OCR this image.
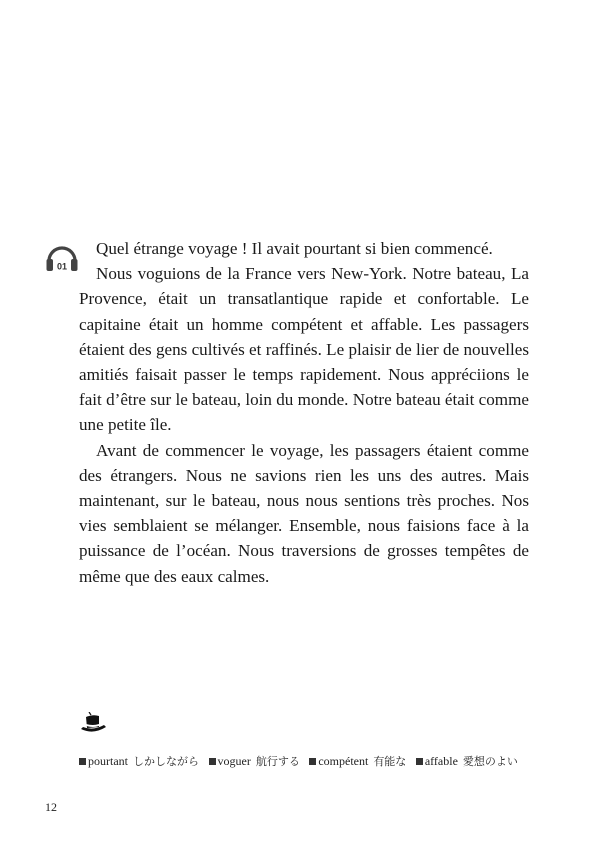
01

Quel étrange voyage ! Il avait pourtant si bien commencé.

Nous voguions de la France vers New-York. Notre bateau, La Provence, était un transatlantique rapide et confortable. Le capitaine était un homme compétent et affable. Les passagers étaient des gens cultivés et raffinés. Le plaisir de lier de nouvelles amitiés faisait passer le temps rapidement. Nous appréciions le fait d’être sur le bateau, loin du monde. Notre bateau était comme une petite île.

Avant de commencer le voyage, les passagers étaient comme des étrangers. Nous ne savions rien les uns des autres. Mais maintenant, sur le bateau, nous nous sentions très proches. Nos vies semblaient se mélanger. Ensemble, nous faisions face à la puissance de l’océan. Nous traversions de grosses tempêtes de même que des eaux calmes.

pourtant しかしながら voguer 航行する compétent 有能な affable 愛想のよい
12
